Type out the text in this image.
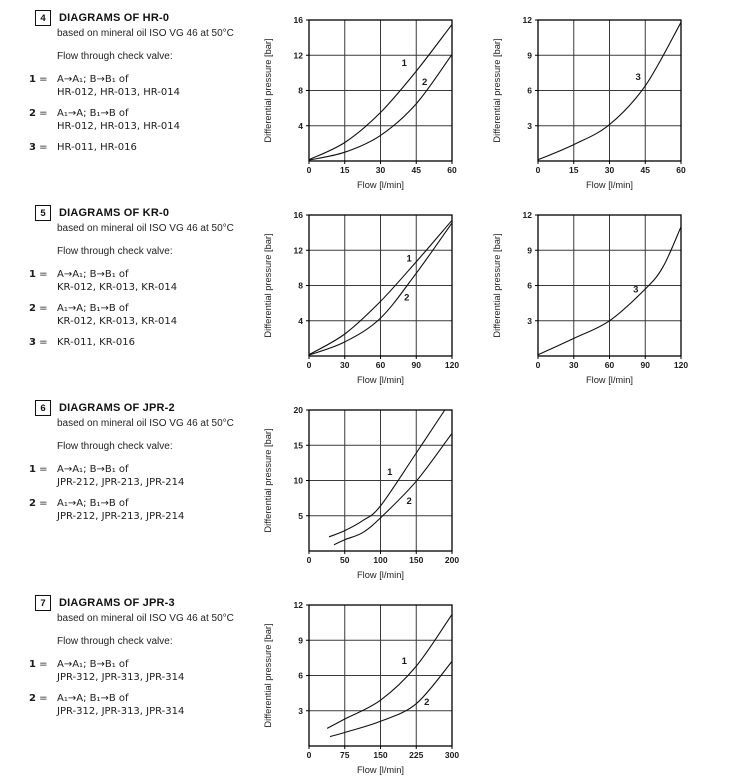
4	DIAGRAMS OF HR-0
based on mineral oil ISO VG 46 at 50°C
Flow through check valve:
1 = A→A₁; B→B₁ of
HR-012, HR-013, HR-014
2 = A₁→A; B₁→B of
HR-012, HR-013, HR-014
3 = HR-011, HR-016
0	15	30	45	60
4
8
12
16
Flow [l/min]
Differential pressure [bar]	1
2
0	15	30	45	60
3
6
9
12
Flow [l/min]
Differential pressure [bar]	3
5	DIAGRAMS OF KR-0
based on mineral oil ISO VG 46 at 50°C
Flow through check valve:
1 = A→A₁; B→B₁ of
KR-012, KR-013, KR-014
2 = A₁→A; B₁→B of
KR-012, KR-013, KR-014
3 = KR-011, KR-016
0	30	60	90	120
4
8
12
16
Flow [l/min]
Differential pressure [bar]	1
2
0	30	60	90	120
3
6
9
12
Flow [l/min]
Differential pressure [bar]	3
6	DIAGRAMS OF JPR-2
based on mineral oil ISO VG 46 at 50°C
Flow through check valve:
1 = A→A₁; B→B₁ of
JPR-212, JPR-213, JPR-214
2 = A₁→A; B₁→B of
JPR-212, JPR-213, JPR-214
0	50	100	150	200
5
10
15
20
Flow [l/min]
Differential pressure [bar]	1
2
7	DIAGRAMS OF JPR-3
based on mineral oil ISO VG 46 at 50°C
Flow through check valve:
1 = A→A₁; B→B₁ of
JPR-312, JPR-313, JPR-314
2 = A₁→A; B₁→B of
JPR-312, JPR-313, JPR-314
0	75	150	225	300
3
6
9
12
Flow [l/min]
Differential pressure [bar]	1
2
